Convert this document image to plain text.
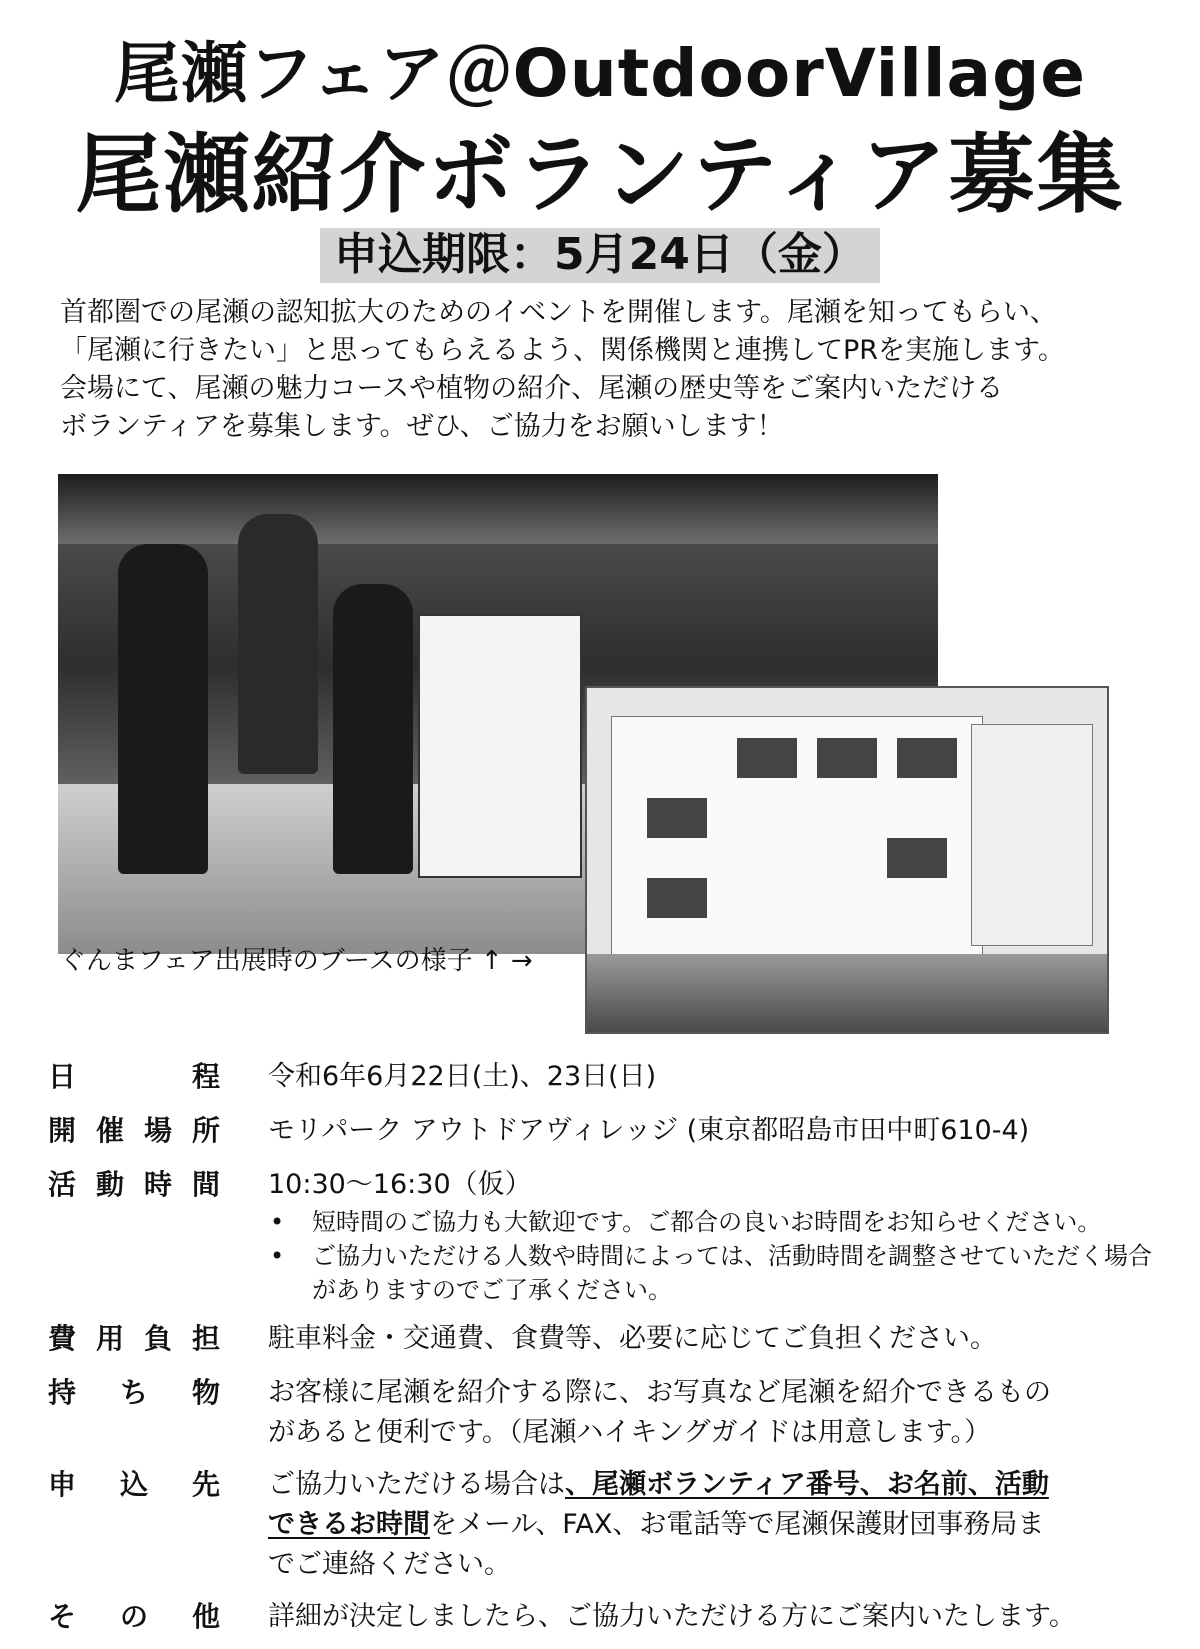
尾瀬フェア＠OutdoorVillage
尾瀬紹介ボランティア募集
申込期限：5月24日（金）

首都圏での尾瀬の認知拡大のためのイベントを開催します。尾瀬を知ってもらい、

「尾瀬に行きたい」と思ってもらえるよう、関係機関と連携してPRを実施します。

会場にて、尾瀬の魅力コースや植物の紹介、尾瀬の歴史等をご案内いただける

ボランティアを募集します。ぜひ、ご協力をお願いします！

ぐんまフェア出展時のブースの様子 ↑ →
日	程 令和6年6月22日(土)、23日(日)
開 催 場 所 モリパーク アウトドアヴィレッジ (東京都昭島市田中町610-4)
活 動 時 間 10:30～16:30（仮）
• 短時間のご協力も大歓迎です。ご都合の良いお時間をお知らせください。
• ご協力いただける人数や時間によっては、活動時間を調整させていただく場合がありますのでご了承ください。
費 用 負 担 駐車料金・交通費、食費等、必要に応じてご負担ください。
持 ち 物 お客様に尾瀬を紹介する際に、お写真など尾瀬を紹介できるもの
があると便利です。（尾瀬ハイキングガイドは用意します。）
申 込 先 ご協力いただける場合は、尾瀬ボランティア番号、お名前、活動
できるお時間をメール、FAX、お電話等で尾瀬保護財団事務局ま
でご連絡ください。
そ の 他 詳細が決定しましたら、ご協力いただける方にご案内いたします。
